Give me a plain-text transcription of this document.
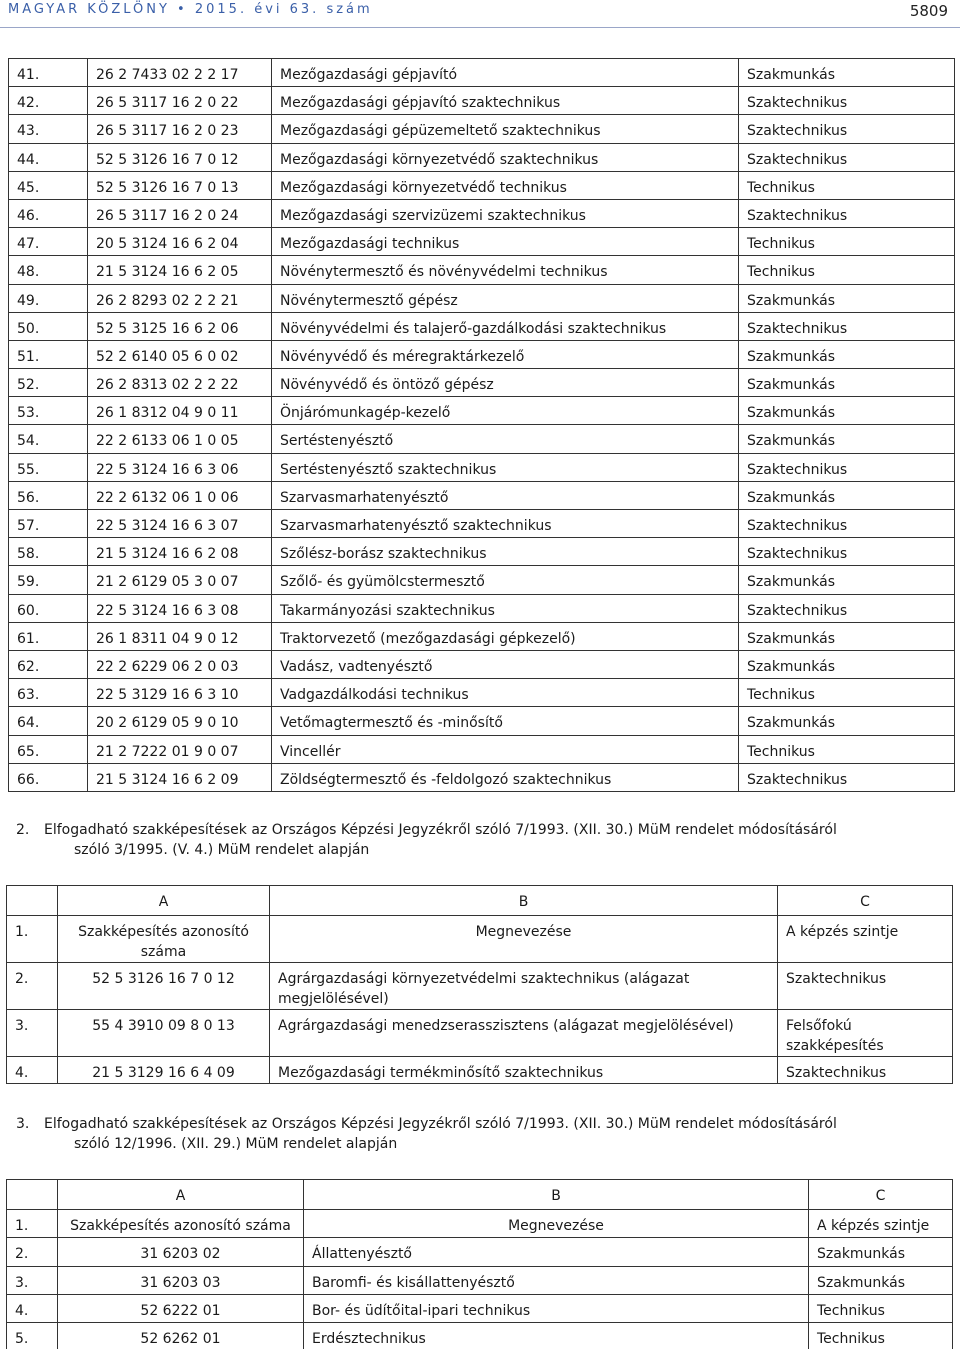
MAGYAR KÖZLÖNY • 2015. évi 63. szám	5809
41.	26 2 7433 02 2 2 17	Mezőgazdasági gépjavító	Szakmunkás
42.	26 5 3117 16 2 0 22	Mezőgazdasági gépjavító szaktechnikus	Szaktechnikus
43.	26 5 3117 16 2 0 23	Mezőgazdasági gépüzemeltető szaktechnikus	Szaktechnikus
44.	52 5 3126 16 7 0 12	Mezőgazdasági környezetvédő szaktechnikus	Szaktechnikus
45.	52 5 3126 16 7 0 13	Mezőgazdasági környezetvédő technikus	Technikus
46.	26 5 3117 16 2 0 24	Mezőgazdasági szervizüzemi szaktechnikus	Szaktechnikus
47.	20 5 3124 16 6 2 04	Mezőgazdasági technikus	Technikus
48.	21 5 3124 16 6 2 05	Növénytermesztő és növényvédelmi technikus	Technikus
49.	26 2 8293 02 2 2 21	Növénytermesztő gépész	Szakmunkás
50.	52 5 3125 16 6 2 06	Növényvédelmi és talajerő-gazdálkodási szaktechnikus	Szaktechnikus
51.	52 2 6140 05 6 0 02	Növényvédő és méregraktárkezelő	Szakmunkás
52.	26 2 8313 02 2 2 22	Növényvédő és öntöző gépész	Szakmunkás
53.	26 1 8312 04 9 0 11	Önjárómunkagép-kezelő	Szakmunkás
54.	22 2 6133 06 1 0 05	Sertéstenyésztő	Szakmunkás
55.	22 5 3124 16 6 3 06	Sertéstenyésztő szaktechnikus	Szaktechnikus
56.	22 2 6132 06 1 0 06	Szarvasmarhatenyésztő	Szakmunkás
57.	22 5 3124 16 6 3 07	Szarvasmarhatenyésztő szaktechnikus	Szaktechnikus
58.	21 5 3124 16 6 2 08	Szőlész-borász szaktechnikus	Szaktechnikus
59.	21 2 6129 05 3 0 07	Szőlő- és gyümölcstermesztő	Szakmunkás
60.	22 5 3124 16 6 3 08	Takarmányozási szaktechnikus	Szaktechnikus
61.	26 1 8311 04 9 0 12	Traktorvezető (mezőgazdasági gépkezelő)	Szakmunkás
62.	22 2 6229 06 2 0 03	Vadász, vadtenyésztő	Szakmunkás
63.	22 5 3129 16 6 3 10	Vadgazdálkodási technikus	Technikus
64.	20 2 6129 05 9 0 10	Vetőmagtermesztő és -minősítő	Szakmunkás
65.	21 2 7222 01 9 0 07	Vincellér	Technikus
66.	21 5 3124 16 6 2 09	Zöldségtermesztő és -feldolgozó szaktechnikus	Szaktechnikus
2. Elfogadható szakképesítések az Országos Képzési Jegyzékről szóló 7/1993. (XII. 30.) MüM rendelet módosításáról
szóló 3/1995. (V. 4.) MüM rendelet alapján
	A	B	C
1.	Szakképesítés azonosító száma	Megnevezése	A képzés szintje
2.	52 5 3126 16 7 0 12	Agrárgazdasági környezetvédelmi szaktechnikus (alágazat megjelölésével)	Szaktechnikus
3.	55 4 3910 09 8 0 13	Agrárgazdasági menedzserasszisztens (alágazat megjelölésével)	Felsőfokú szakképesítés
4.	21 5 3129 16 6 4 09	Mezőgazdasági termékminősítő szaktechnikus	Szaktechnikus
3. Elfogadható szakképesítések az Országos Képzési Jegyzékről szóló 7/1993. (XII. 30.) MüM rendelet módosításáról
szóló 12/1996. (XII. 29.) MüM rendelet alapján
	A	B	C
1.	Szakképesítés azonosító száma	Megnevezése	A képzés szintje
2.	31 6203 02	Állattenyésztő	Szakmunkás
3.	31 6203 03	Baromfi- és kisállattenyésztő	Szakmunkás
4.	52 6222 01	Bor- és üdítőital-ipari technikus	Technikus
5.	52 6262 01	Erdésztechnikus	Technikus
